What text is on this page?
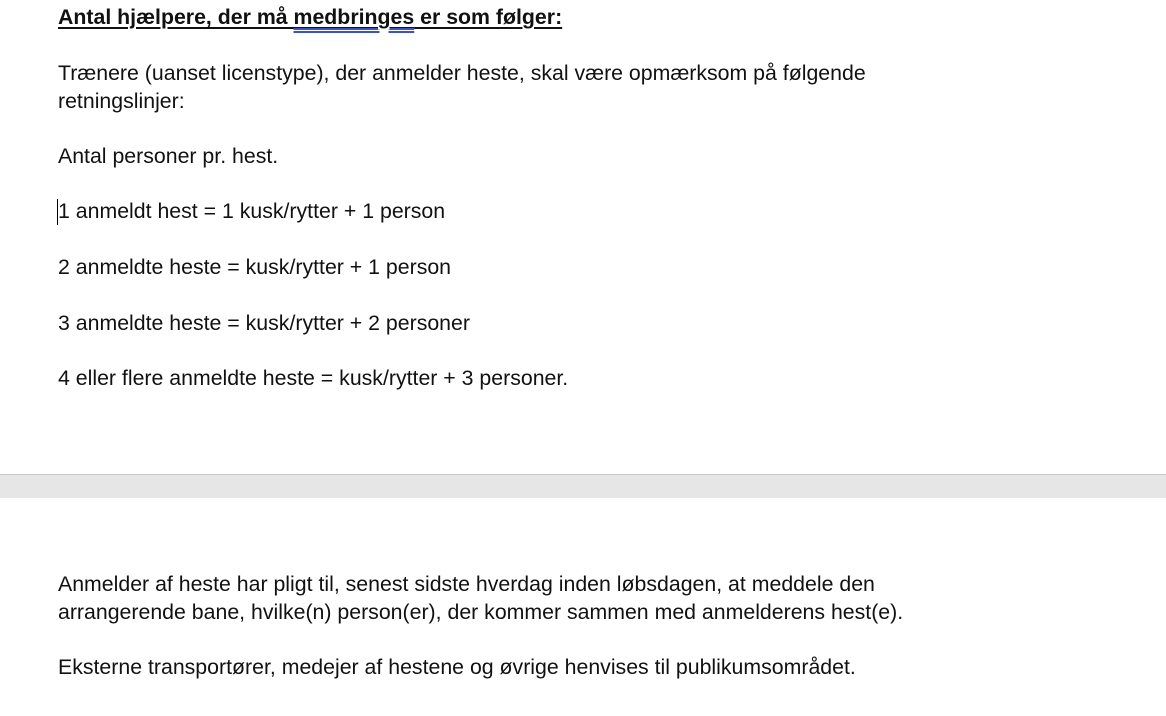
Antal hjælpere, der må medbringes er som følger:

Trænere (uanset licenstype), der anmelder heste, skal være opmærksom på følgende

retningslinjer:

Antal personer pr. hest.

1 anmeldt hest = 1 kusk/rytter + 1 person

2 anmeldte heste = kusk/rytter + 1 person

3 anmeldte heste = kusk/rytter + 2 personer

4 eller flere anmeldte heste = kusk/rytter + 3 personer.

Anmelder af heste har pligt til, senest sidste hverdag inden løbsdagen, at meddele den

arrangerende bane, hvilke(n) person(er), der kommer sammen med anmelderens hest(e).

Eksterne transportører, medejer af hestene og øvrige henvises til publikumsområdet.
